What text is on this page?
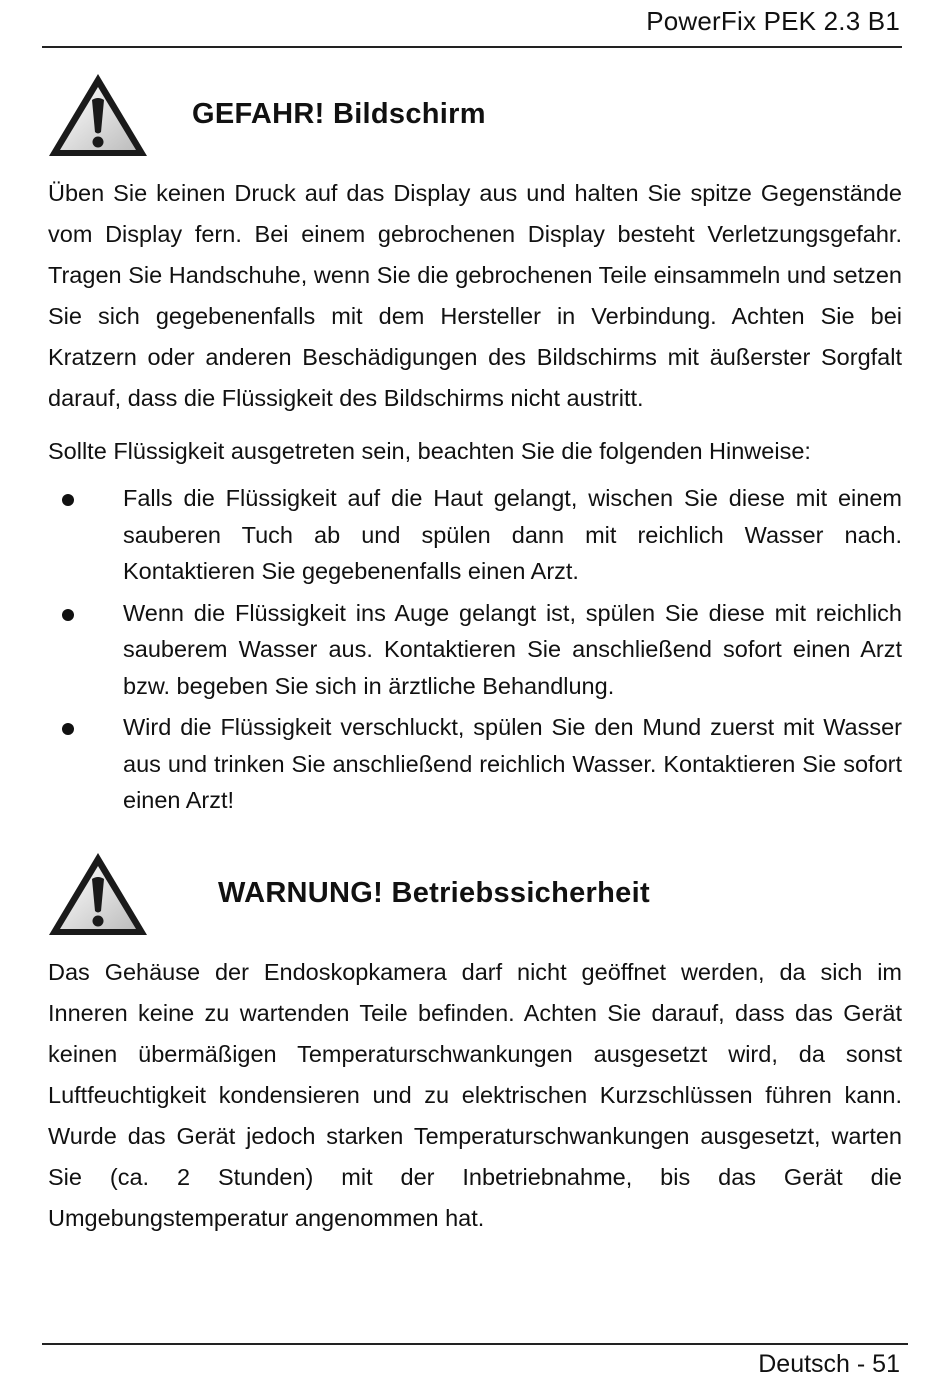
PowerFix PEK 2.3 B1
GEFAHR! Bildschirm

Üben Sie keinen Druck auf das Display aus und halten Sie spitze Gegenstände vom Display fern. Bei einem gebrochenen Display besteht Verletzungsgefahr. Tragen Sie Handschuhe, wenn Sie die gebrochenen Teile einsammeln und setzen Sie sich gegebenenfalls mit dem Hersteller in Verbindung. Achten Sie bei Kratzern oder anderen Beschädigungen des Bildschirms mit äußerster Sorgfalt darauf, dass die Flüssigkeit des Bildschirms nicht austritt.

Sollte Flüssigkeit ausgetreten sein, beachten Sie die folgenden Hinweise:

Falls die Flüssigkeit auf die Haut gelangt, wischen Sie diese mit einem sauberen Tuch ab und spülen dann mit reichlich Wasser nach. Kontaktieren Sie gegebenenfalls einen Arzt.
Wenn die Flüssigkeit ins Auge gelangt ist, spülen Sie diese mit reichlich sauberem Wasser aus. Kontaktieren Sie anschließend sofort einen Arzt bzw. begeben Sie sich in ärztliche Behandlung.
Wird die Flüssigkeit verschluckt, spülen Sie den Mund zuerst mit Wasser aus und trinken Sie anschließend reichlich Wasser. Kontaktieren Sie sofort einen Arzt!
WARNUNG! Betriebssicherheit

Das Gehäuse der Endoskopkamera darf nicht geöffnet werden, da sich im Inneren keine zu wartenden Teile befinden. Achten Sie darauf, dass das Gerät keinen übermäßigen Temperaturschwankungen ausgesetzt wird, da sonst Luftfeuchtigkeit kondensieren und zu elektrischen Kurzschlüssen führen kann. Wurde das Gerät jedoch starken Temperaturschwankungen ausgesetzt, warten Sie (ca. 2 Stunden) mit der Inbetriebnahme, bis das Gerät die Umgebungstemperatur angenommen hat.

Deutsch - 51
